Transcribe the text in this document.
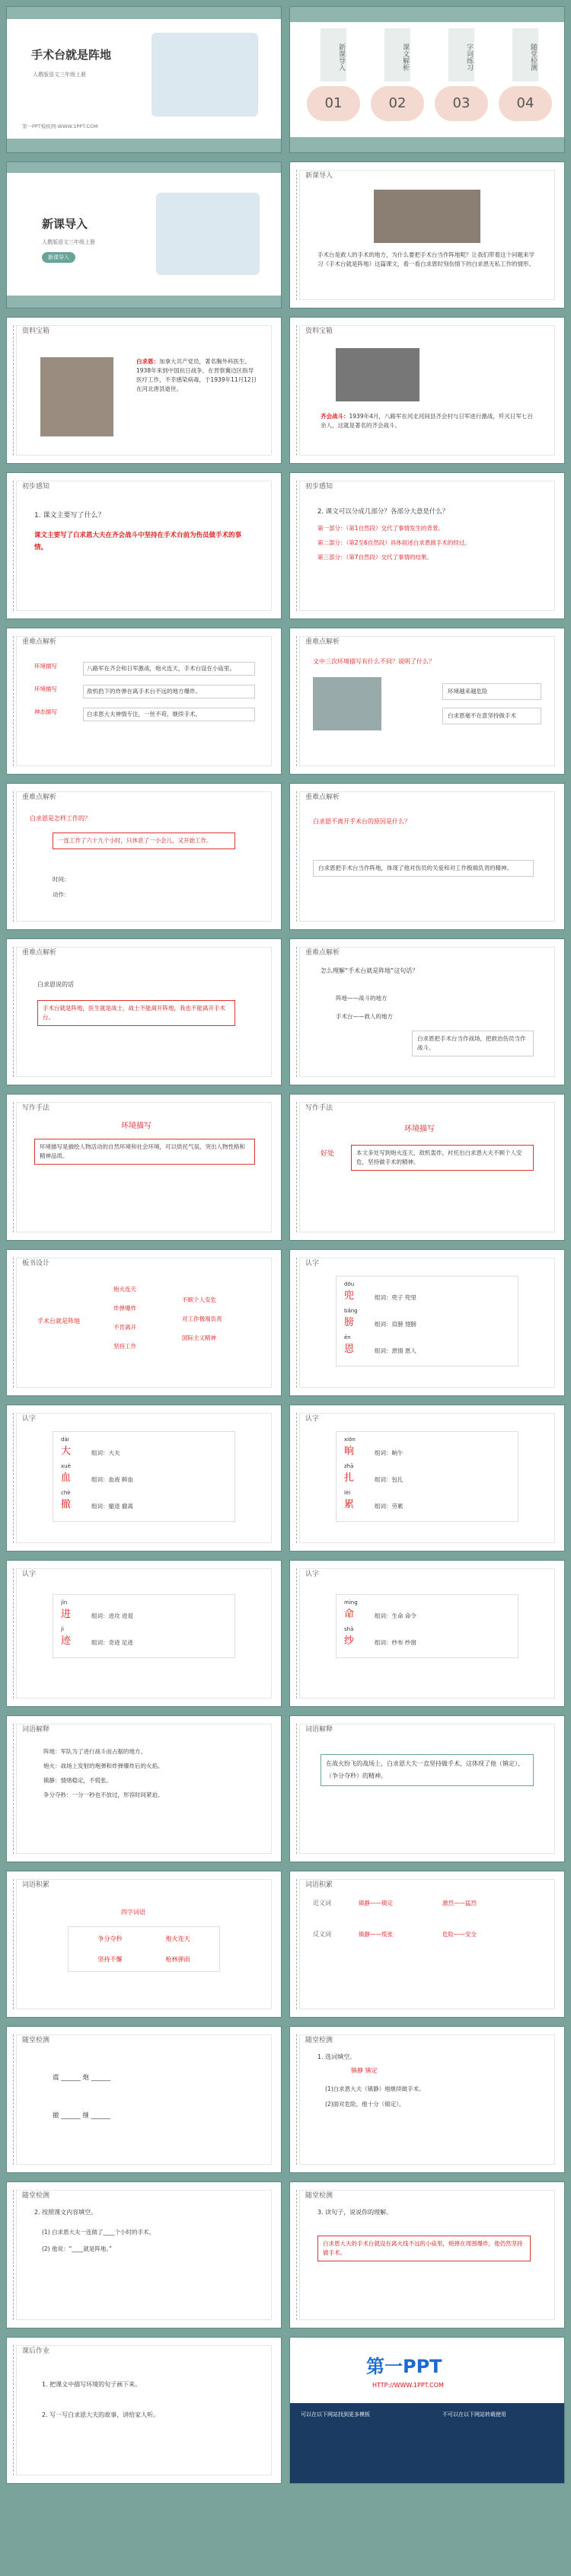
手术台就是阵地
人教版语文三年级上册
第一PPT模板网-WWW.1PPT.COM
新课导入
01
课文解析
02
字词练习
03
随堂检测
04
新课导入
人教版语文三年级上册
新课导入
新课导入
手术台是救人的手术的地方，为什么要把手术台当作阵地呢？让我们带着这个问题来学习《手术台就是阵地》这篇课文，看一看白求恩时刻伤情下的白求恩无私工作的情形。
资料宝箱
白求恩：加拿大共产党员，著名胸外科医生。1938年来到中国抗日战争，在晋察冀边区指导医疗工作，不幸感染病毒，于1939年11月12日在河北唐县逝世。
资料宝箱
齐会战斗：1939年4月，八路军在河北河间县齐会村与日军进行激战，歼灭日军七百余人，这就是著名的齐会战斗。
初步感知
1. 课文主要写了什么？
课文主要写了白求恩大夫在齐会战斗中坚持在手术台前为伤员做手术的事情。
初步感知
2. 课文可以分成几部分？各部分大意是什么？
第一部分：（第1自然段）交代了事情发生的背景。
第二部分：（第2至6自然段）具体叙述白求恩做手术的经过。
第三部分：（第7自然段）交代了事情的结果。
重难点解析
环境描写	八路军在齐会和日军激战，炮火连天，手术台设在小庙里。
环境描写	敌机扔下的炸弹在离手术台不远的地方爆炸。
神态描写	白求恩大夫神情专注，一丝不苟，继续手术。
重难点解析
文中三次环境描写有什么不同？说明了什么？
环境越来越危险
白求恩毫不在意坚持做手术
重难点解析
白求恩是怎样工作的？
一连工作了六十九个小时，只休息了一小会儿，又开始工作。
时间：
动作：
重难点解析
白求恩不离开手术台的原因是什么？
白求恩把手术台当作阵地，体现了他对伤员的关爱和对工作极端负责的精神。
重难点解析
白求恩说的话
手术台就是阵地，医生就是战士，战士不能离开阵地，我也不能离开手术台。
重难点解析
怎么理解“手术台就是阵地”这句话？
阵地——战斗的地方
手术台——救人的地方
白求恩把手术台当作战场，把救治伤员当作战斗。
写作手法
环境描写
环境描写是描绘人物活动的自然环境和社会环境，可以烘托气氛，突出人物性格和精神品质。
写作手法
环境描写
好处	本文多处写到炮火连天，敌机轰炸，衬托出白求恩大夫不顾个人安危，坚持做手术的精神。
板书设计
手术台就是阵地
炮火连天
炸弹爆炸
不肯离开
坚持工作
不顾个人安危
对工作极端负责
国际主义精神
认字
dōu
兜	组词：兜子 兜里
bǎng
膀	组词：肩膀 翅膀
ēn
恩	组词：恩情 恩人
认字
dài
大	组词：大夫
xuè
血	组词：血液 鲜血
chè
撤	组词：撤退 撤离
认字
xiōn
晌	组词：晌午
zhā
扎	组词：包扎
lèi
累	组词：劳累
认字
jìn
进	组词：进攻 进退
jì
迹	组词：奇迹 足迹
认字
mìng
命	组词：生命 命令
shā
纱	组词：纱布 纱窗
词语解释
阵地：军队为了进行战斗而占据的地方。
炮火：战场上发射的炮弹和炸弹爆炸后的火焰。
镇静：情绪稳定，不慌张。
争分夺秒：一分一秒也不放过，形容时间紧迫。
词语解释
在战火纷飞的战场上，白求恩大夫一直坚持做手术，这体现了他（镇定）、（争分夺秒）的精神。
词语积累
四字词语
争分夺秒	炮火连天
坚持不懈	枪林弹雨
词语积累
近义词	镇静——镇定	激烈——猛烈
反义词	镇静——慌张	危险——安全
随堂检测
震 ______ 炮 ______
撤 ______ 继 ______
随堂检测
1. 选词填空。
镇静 镇定
(1)白求恩大夫（镇静）地继续做手术。
(2)面对危险，他十分（镇定）。
随堂检测
2. 按照课文内容填空。
(1) 白求恩大夫一连做了____个小时的手术。
(2) 他说：“____就是阵地。”
随堂检测
3. 读句子，说说你的理解。
白求恩大夫的手术台就设在离火线不远的小庙里，炮弹在周围爆炸，他仍然坚持做手术。
课后作业
1. 把课文中描写环境的句子画下来。
2. 写一写白求恩大夫的故事，讲给家人听。
第一PPT
HTTP://WWW.1PPT.COM
可以在以下网站找到更多模板	不可以在以下网站转载使用
